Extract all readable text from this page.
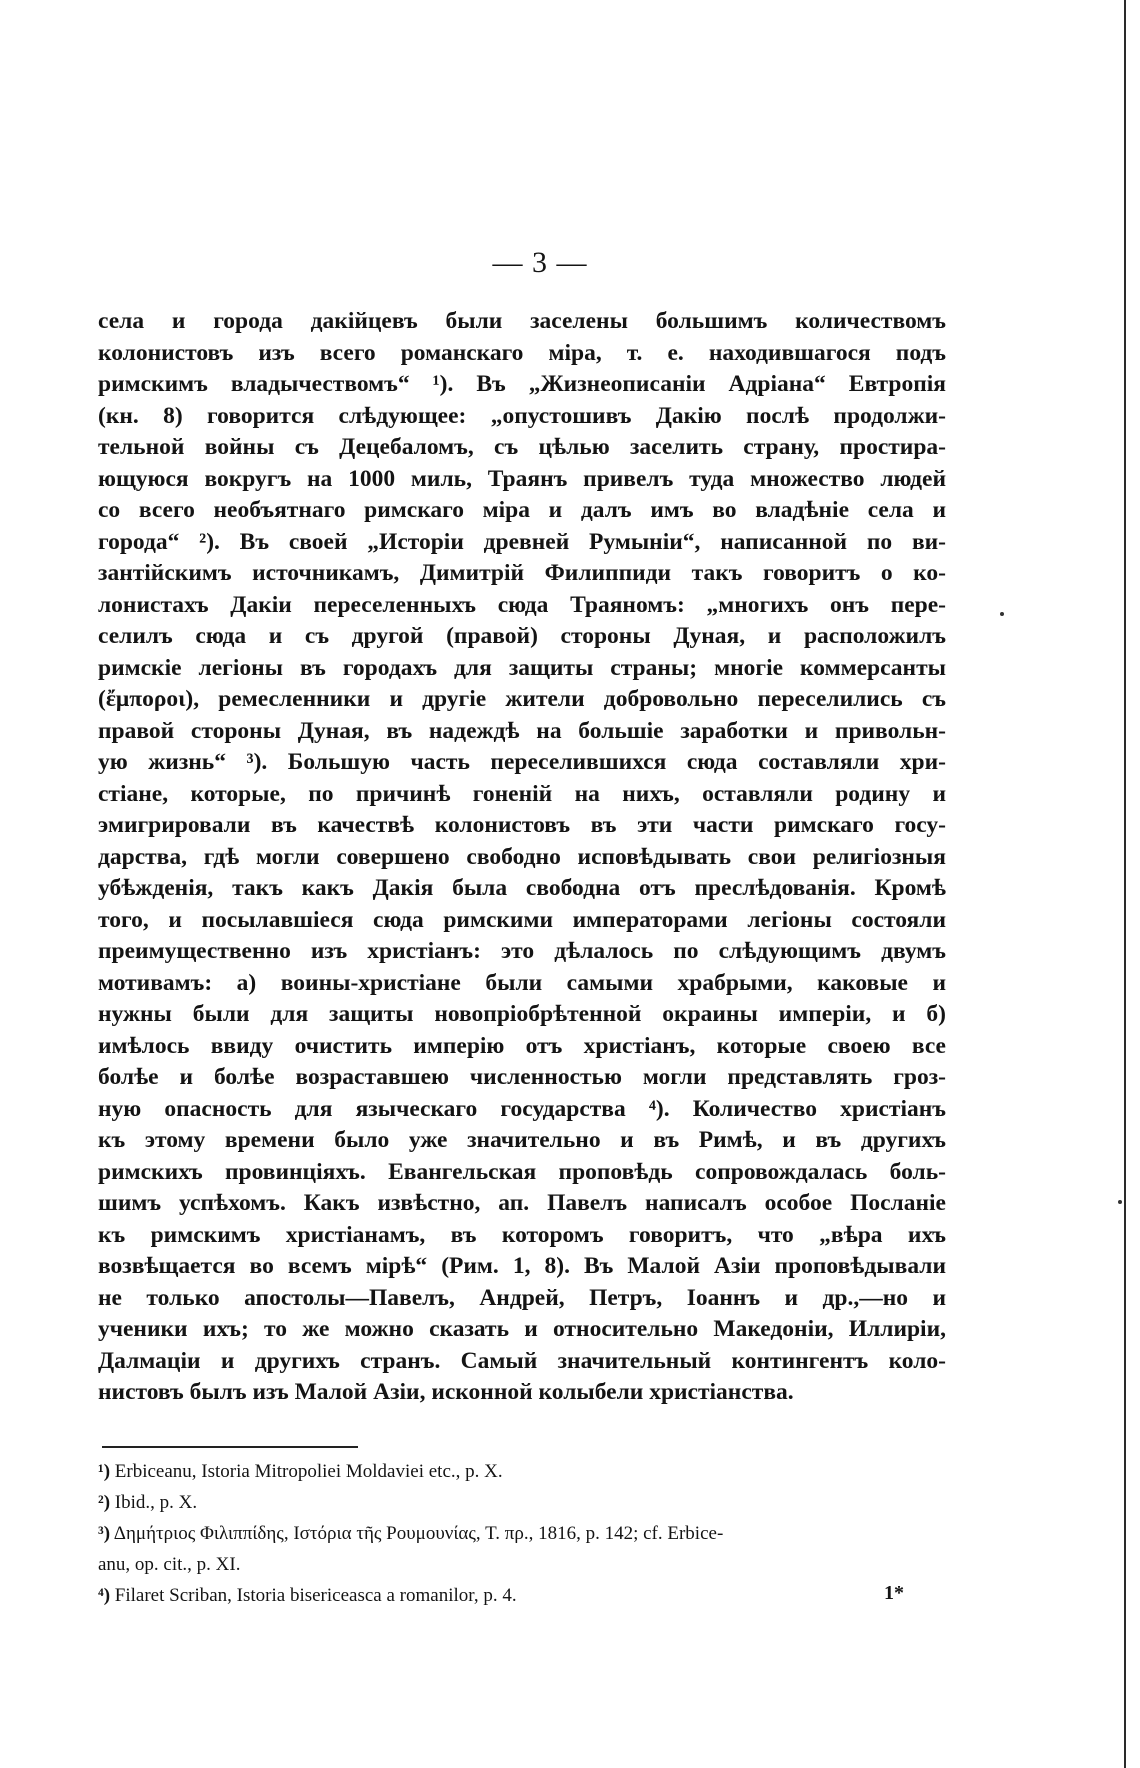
— 3 —
села и города дакійцевъ были заселены большимъ количествомъ
колонистовъ изъ всего романскаго міра, т. е. находившагося подъ
римскимъ владычествомъ“ ¹). Въ „Жизнеописаніи Адріана“ Евтропія
(кн. 8) говорится слѣдующее: „опустошивъ Дакію послѣ продолжи-
тельной войны съ Децебаломъ, съ цѣлью заселить страну, простира-
ющуюся вокругъ на 1000 миль, Траянъ привелъ туда множество людей
со всего необъятнаго римскаго міра и далъ имъ во владѣніе села и
города“ ²). Въ своей „Исторіи древней Румыніи“, написанной по ви-
зантійскимъ источникамъ, Димитрій Филиппиди такъ говоритъ о ко-
лонистахъ Дакіи переселенныхъ сюда Траяномъ: „многихъ онъ пере-
селилъ сюда и съ другой (правой) стороны Дуная, и расположилъ
римскіе легіоны въ городахъ для защиты страны; многіе коммерсанты
(ἔμποροι), ремесленники и другіе жители добровольно переселились съ
правой стороны Дуная, въ надеждѣ на большіе заработки и привольн-
ую жизнь“ ³). Большую часть переселившихся сюда составляли хри-
стіане, которые, по причинѣ гоненій на нихъ, оставляли родину и
эмигрировали въ качествѣ колонистовъ въ эти части римскаго госу-
дарства, гдѣ могли совершено свободно исповѣдывать свои религіозныя
убѣжденія, такъ какъ Дакія была свободна отъ преслѣдованія. Кромѣ
того, и посылавшіеся сюда римскими императорами легіоны состояли
преимущественно изъ христіанъ: это дѣлалось по слѣдующимъ двумъ
мотивамъ: а) воины-христіане были самыми храбрыми, каковые и
нужны были для защиты новопріобрѣтенной окраины имперіи, и б)
имѣлось ввиду очистить имперію отъ христіанъ, которые своею все
болѣе и болѣе возраставшею численностью могли представлять гроз-
ную опасность для языческаго государства ⁴). Количество христіанъ
къ этому времени было уже значительно и въ Римѣ, и въ другихъ
римскихъ провинціяхъ. Евангельская проповѣдь сопровождалась боль-
шимъ успѣхомъ. Какъ извѣстно, ап. Павелъ написалъ особое Посланіе
къ римскимъ христіанамъ, въ которомъ говоритъ, что „вѣра ихъ
возвѣщается во всемъ мірѣ“ (Рим. 1, 8). Въ Малой Азіи проповѣдывали
не только апостолы—Павелъ, Андрей, Петръ, Іоаннъ и др.,—но и
ученики ихъ; то же можно сказать и относительно Македоніи, Иллиріи,
Далмаціи и другихъ странъ. Самый значительный контингентъ коло-
нистовъ былъ изъ Малой Азіи, исконной колыбели христіанства.
¹) Erbiceanu, Istoria Mitropoliei Moldaviei etc., p. X.
²) Ibid., p. X.
³) Δημήτριος Φιλιππίδης, Ιστόρια τῆς Ρουμουνίας, Τ. πρ., 1816, p. 142; cf. Erbice-
anu, op. cit., p. XI.
⁴) Filaret Scriban, Istoria bisericeasca a romanilor, p. 4.	1*
